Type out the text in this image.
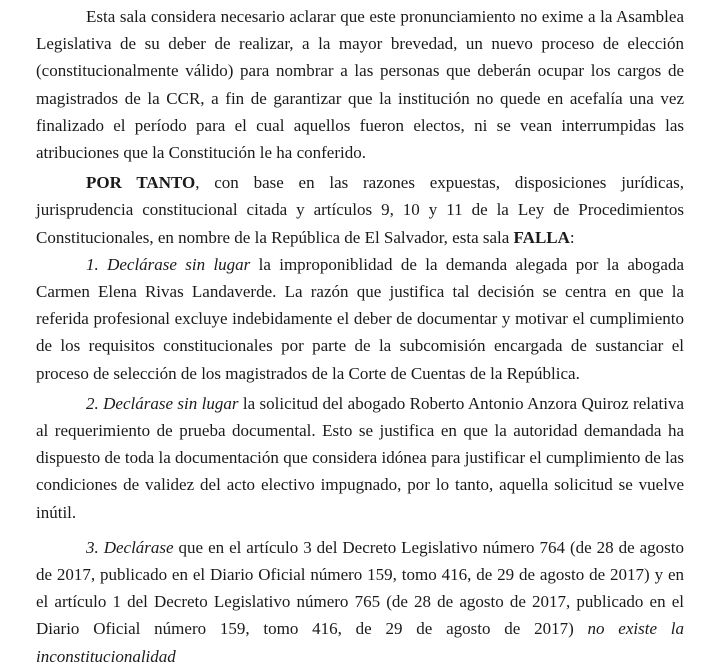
Esta sala considera necesario aclarar que este pronunciamiento no exime a la Asamblea Legislativa de su deber de realizar, a la mayor brevedad, un nuevo proceso de elección (constitucionalmente válido) para nombrar a las personas que deberán ocupar los cargos de magistrados de la CCR, a fin de garantizar que la institución no quede en acefalía una vez finalizado el período para el cual aquellos fueron electos, ni se vean interrumpidas las atribuciones que la Constitución le ha conferido.

POR TANTO, con base en las razones expuestas, disposiciones jurídicas, jurisprudencia constitucional citada y artículos 9, 10 y 11 de la Ley de Procedimientos Constitucionales, en nombre de la República de El Salvador, esta sala FALLA:

1. Declárase sin lugar la improponiblidad de la demanda alegada por la abogada Carmen Elena Rivas Landaverde. La razón que justifica tal decisión se centra en que la referida profesional excluye indebidamente el deber de documentar y motivar el cumplimiento de los requisitos constitucionales por parte de la subcomisión encargada de sustanciar el proceso de selección de los magistrados de la Corte de Cuentas de la República.

2. Declárase sin lugar la solicitud del abogado Roberto Antonio Anzora Quiroz relativa al requerimiento de prueba documental. Esto se justifica en que la autoridad demandada ha dispuesto de toda la documentación que considera idónea para justificar el cumplimiento de las condiciones de validez del acto electivo impugnado, por lo tanto, aquella solicitud se vuelve inútil.

3. Declárase que en el artículo 3 del Decreto Legislativo número 764 (de 28 de agosto de 2017, publicado en el Diario Oficial número 159, tomo 416, de 29 de agosto de 2017) y en el artículo 1 del Decreto Legislativo número 765 (de 28 de agosto de 2017, publicado en el Diario Oficial número 159, tomo 416, de 29 de agosto de 2017) no existe la inconstitucionalidad
